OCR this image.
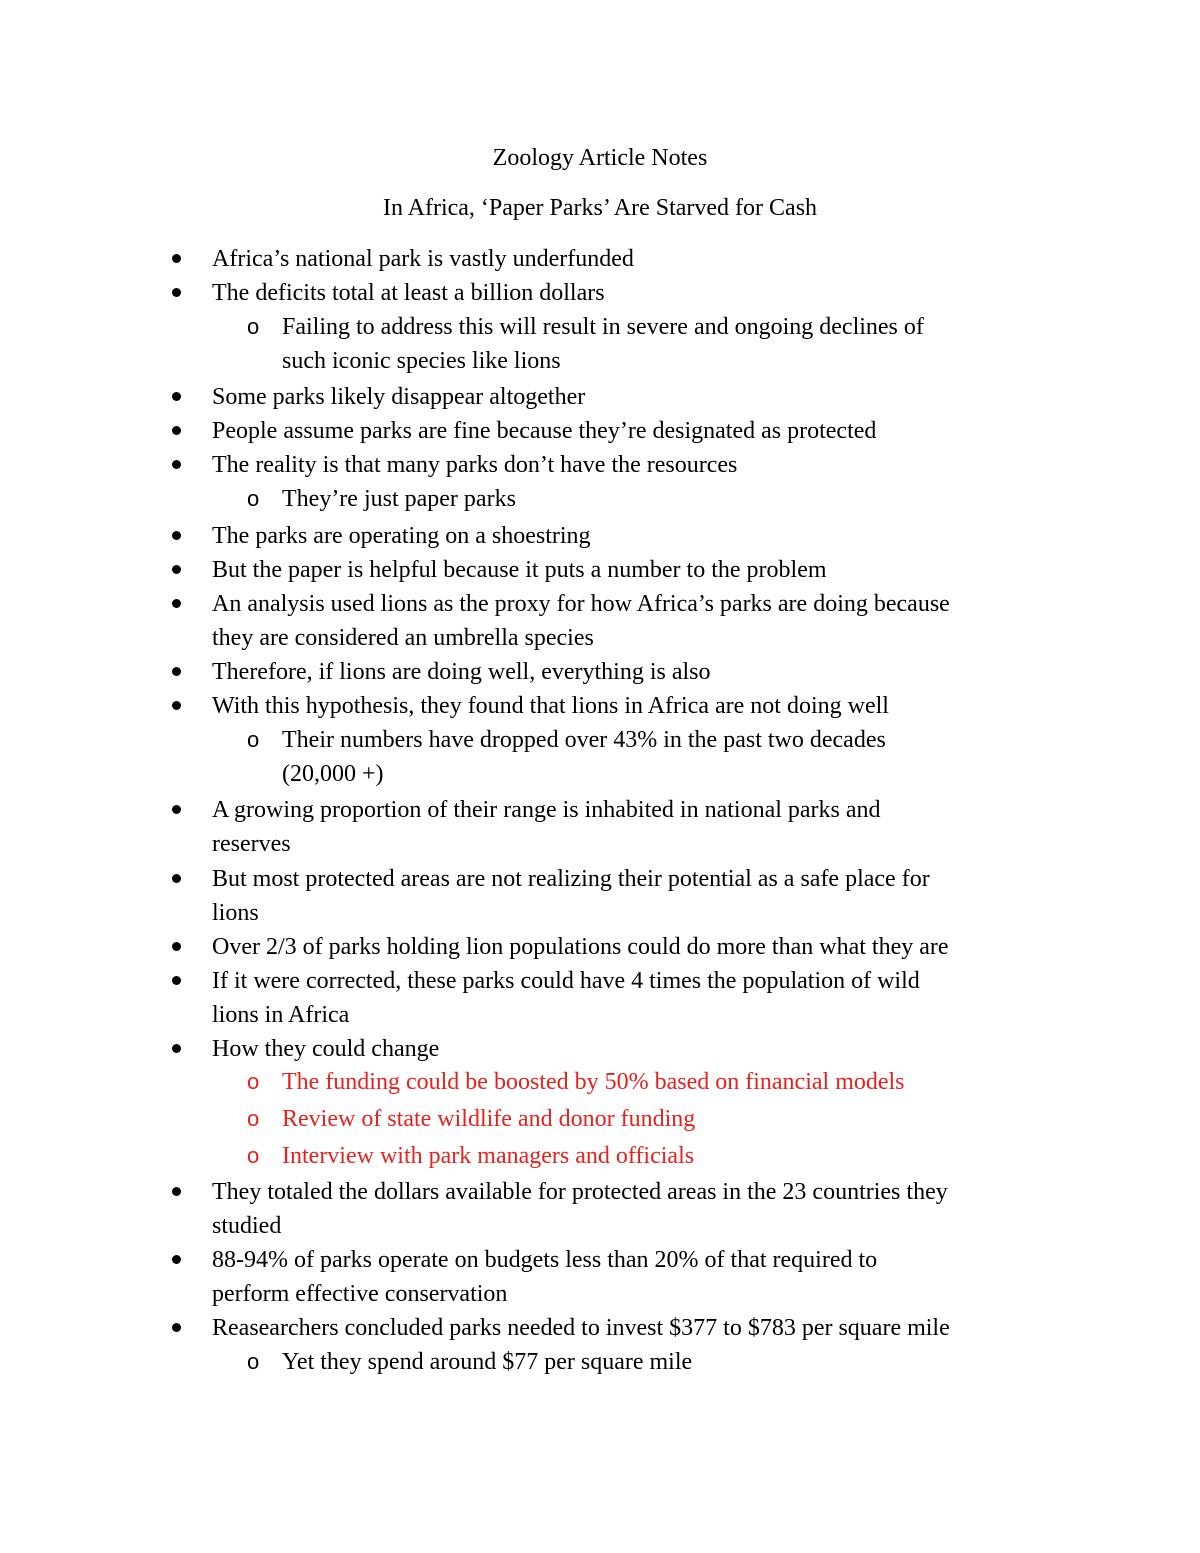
Zoology Article Notes
In Africa, ‘Paper Parks’ Are Starved for Cash
Africa’s national park is vastly underfunded
The deficits total at least a billion dollars
o Failing to address this will result in severe and ongoing declines of
such iconic species like lions
Some parks likely disappear altogether
People assume parks are fine because they’re designated as protected
The reality is that many parks don’t have the resources
o They’re just paper parks
The parks are operating on a shoestring
But the paper is helpful because it puts a number to the problem
An analysis used lions as the proxy for how Africa’s parks are doing because
they are considered an umbrella species
Therefore, if lions are doing well, everything is also
With this hypothesis, they found that lions in Africa are not doing well
o Their numbers have dropped over 43% in the past two decades
(20,000 +)
A growing proportion of their range is inhabited in national parks and
reserves
But most protected areas are not realizing their potential as a safe place for
lions
Over 2/3 of parks holding lion populations could do more than what they are
If it were corrected, these parks could have 4 times the population of wild
lions in Africa
How they could change
o The funding could be boosted by 50% based on financial models
o Review of state wildlife and donor funding
o Interview with park managers and officials
They totaled the dollars available for protected areas in the 23 countries they
studied
88-94% of parks operate on budgets less than 20% of that required to
perform effective conservation
Reasearchers concluded parks needed to invest $377 to $783 per square mile
o Yet they spend around $77 per square mile
